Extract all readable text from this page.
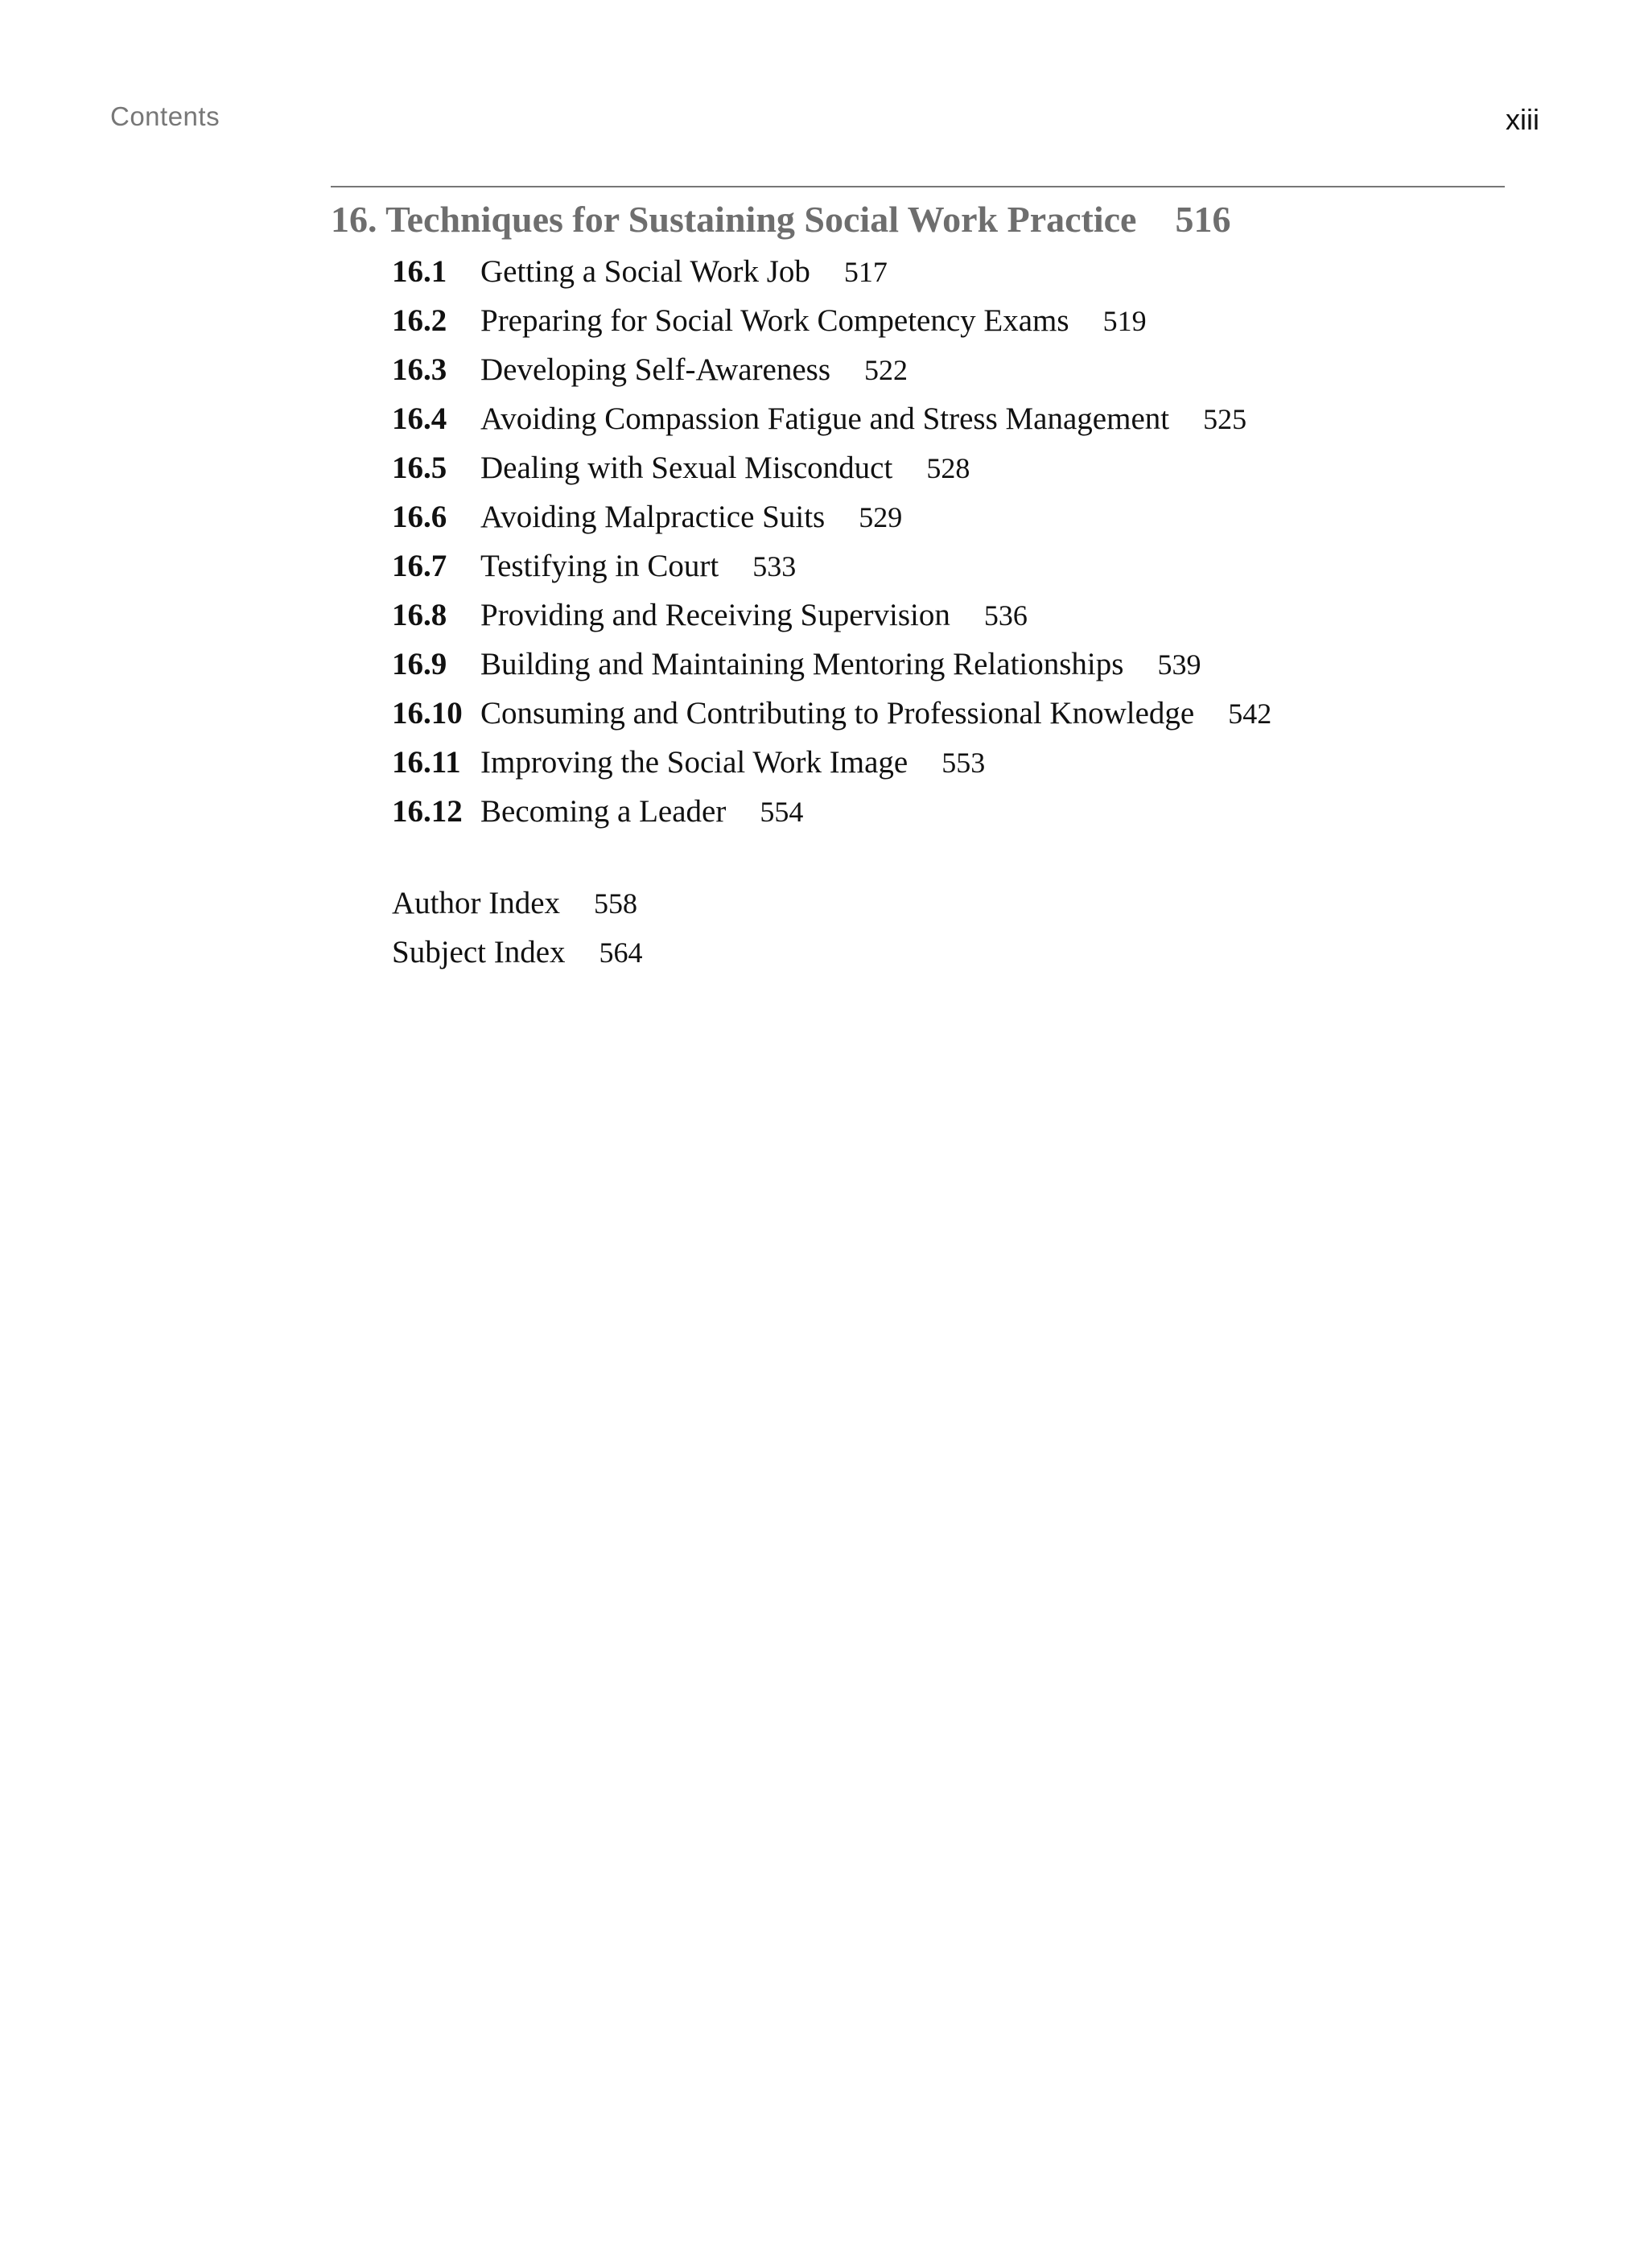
Contents	xiii
16. Techniques for Sustaining Social Work Practice 516
16.1	Getting a Social Work Job 517
16.2	Preparing for Social Work Competency Exams 519
16.3	Developing Self-Awareness 522
16.4	Avoiding Compassion Fatigue and Stress Management 525
16.5	Dealing with Sexual Misconduct 528
16.6	Avoiding Malpractice Suits 529
16.7	Testifying in Court 533
16.8	Providing and Receiving Supervision 536
16.9	Building and Maintaining Mentoring Relationships 539
16.10 Consuming and Contributing to Professional Knowledge 542
16.11 Improving the Social Work Image 553
16.12 Becoming a Leader 554
Author Index 558
Subject Index 564
